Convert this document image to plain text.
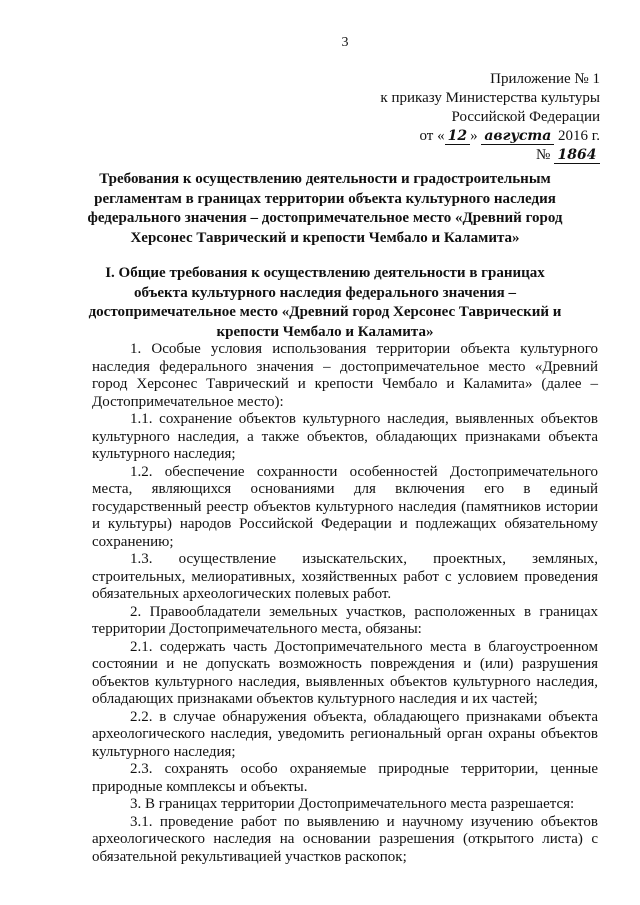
3
Приложение № 1
к приказу Министерства культуры
Российской Федерации
от « 12 » августа 2016 г.
№ 1864
Требования к осуществлению деятельности и градостроительным регламентам в границах территории объекта культурного наследия федерального значения – достопримечательное место «Древний город Херсонес Таврический и крепости Чембало и Каламита»
I. Общие требования к осуществлению деятельности в границах объекта культурного наследия федерального значения – достопримечательное место «Древний город Херсонес Таврический и крепости Чембало и Каламита»

1. Особые условия использования территории объекта культурного наследия федерального значения – достопримечательное место «Древний город Херсонес Таврический и крепости Чембало и Каламита» (далее – Достопримечательное место):

1.1. сохранение объектов культурного наследия, выявленных объектов культурного наследия, а также объектов, обладающих признаками объекта культурного наследия;

1.2. обеспечение сохранности особенностей Достопримечательного места, являющихся основаниями для включения его в единый государственный реестр объектов культурного наследия (памятников истории и культуры) народов Российской Федерации и подлежащих обязательному сохранению;

1.3. осуществление изыскательских, проектных, земляных, строительных, мелиоративных, хозяйственных работ с условием проведения обязательных археологических полевых работ.

2. Правообладатели земельных участков, расположенных в границах территории Достопримечательного места, обязаны:

2.1. содержать часть Достопримечательного места в благоустроенном состоянии и не допускать возможность повреждения и (или) разрушения объектов культурного наследия, выявленных объектов культурного наследия, обладающих признаками объектов культурного наследия и их частей;

2.2. в случае обнаружения объекта, обладающего признаками объекта археологического наследия, уведомить региональный орган охраны объектов культурного наследия;

2.3. сохранять особо охраняемые природные территории, ценные природные комплексы и объекты.

3. В границах территории Достопримечательного места разрешается:

3.1. проведение работ по выявлению и научному изучению объектов археологического наследия на основании разрешения (открытого листа) с обязательной рекультивацией участков раскопок;
